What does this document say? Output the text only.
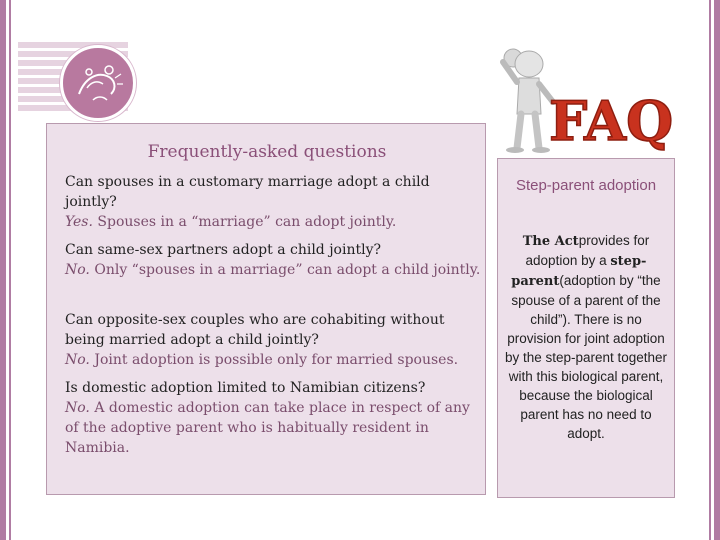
FAQ
Frequently-asked questions
Can spouses in a customary marriage adopt a child jointly?
Yes. Spouses in a “marriage” can adopt jointly.
Can same-sex partners adopt a child jointly?
No. Only “spouses in a marriage” can adopt a child jointly.
Can opposite-sex couples who are cohabiting without being married adopt a child jointly?
No. Joint adoption is possible only for married spouses.
Is domestic adoption limited to Namibian citizens?
No. A domestic adoption can take place in respect of any of the adoptive parent who is habitually resident in Namibia.
Step-parent adoption
The Actprovides for adoption by a step-parent(adoption by “the spouse of a parent of the child”). There is no provision for joint adoption by the step-parent together with this biological parent, because the biological parent has no need to adopt.
